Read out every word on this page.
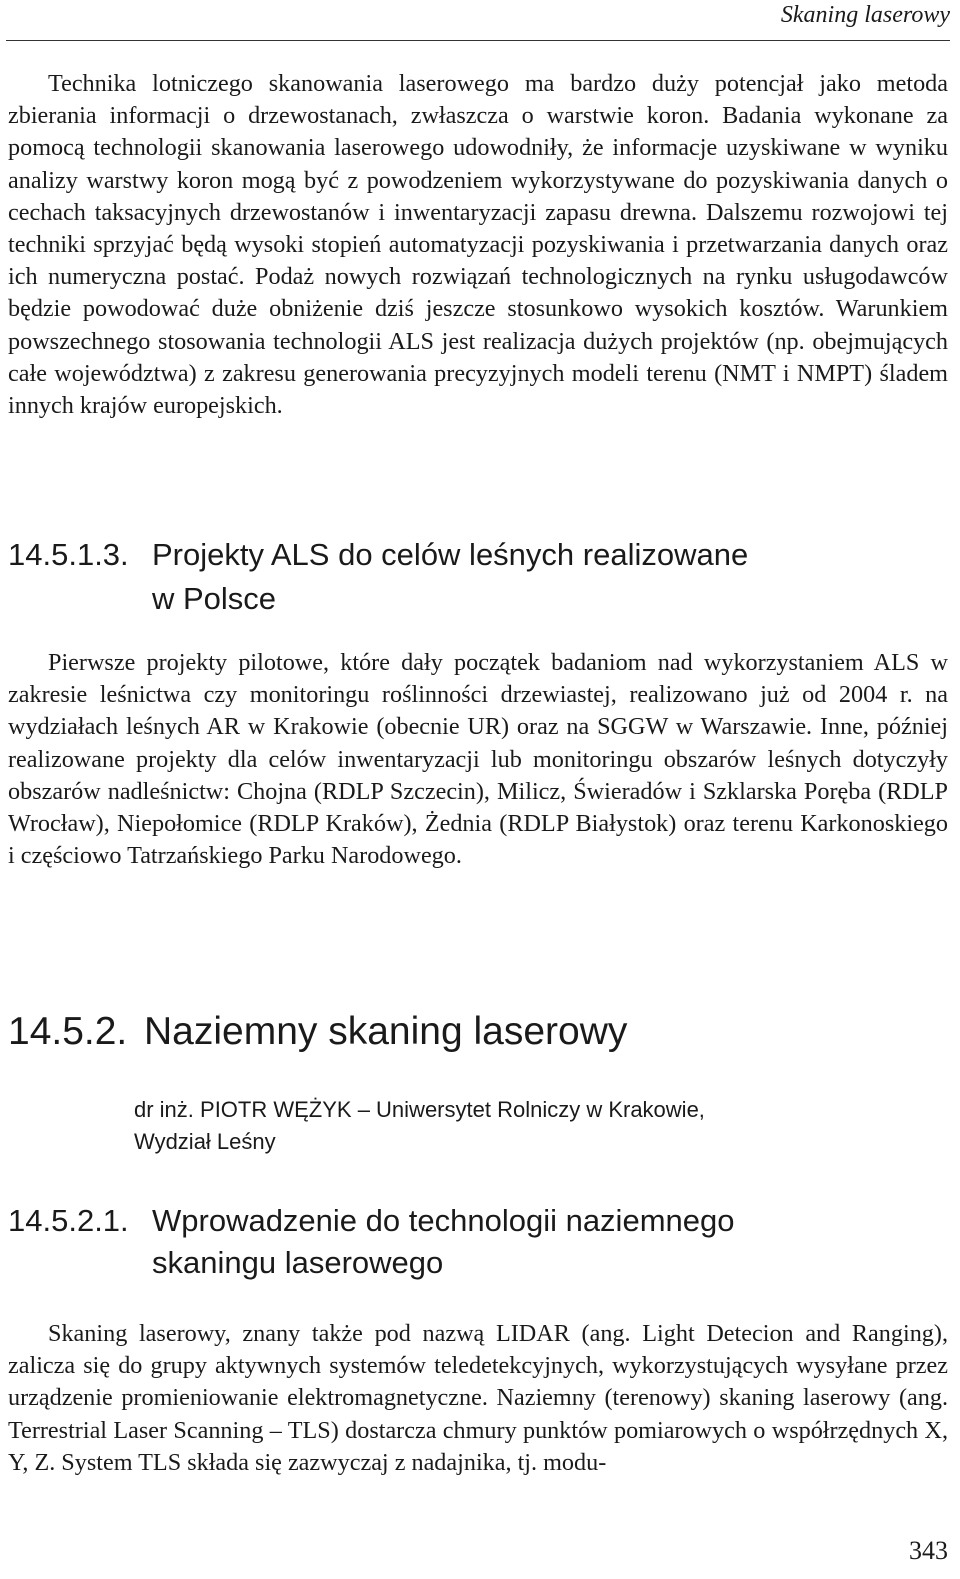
Skaning laserowy

Technika lotniczego skanowania laserowego ma bardzo duży potencjał jako metoda zbierania informacji o drzewostanach, zwłaszcza o warstwie koron. Badania wykonane za pomocą technologii skanowania laserowego udowodniły, że informacje uzyskiwane w wyniku analizy warstwy koron mogą być z powodzeniem wykorzystywane do pozyskiwania danych o cechach taksacyjnych drzewostanów i inwentaryzacji zapasu drewna. Dalszemu rozwojowi tej techniki sprzyjać będą wysoki stopień automatyzacji pozyskiwania i przetwarzania danych oraz ich numeryczna postać. Podaż nowych rozwiązań technologicznych na rynku usługodawców będzie powodować duże obniżenie dziś jeszcze stosunkowo wysokich kosztów. Warunkiem powszechnego stosowania technologii ALS jest realizacja dużych projektów (np. obejmujących całe województwa) z zakresu generowania precyzyjnych modeli terenu (NMT i NMPT) śladem innych krajów europejskich.

14.5.1.3. Projekty ALS do celów leśnych realizowane
w Polsce

Pierwsze projekty pilotowe, które dały początek badaniom nad wykorzystaniem ALS w zakresie leśnictwa czy monitoringu roślinności drzewiastej, realizowano już od 2004 r. na wydziałach leśnych AR w Krakowie (obecnie UR) oraz na SGGW w Warszawie. Inne, później realizowane projekty dla celów inwentaryzacji lub monitoringu obszarów leśnych dotyczyły obszarów nadleśnictw: Chojna (RDLP Szczecin), Milicz, Świeradów i Szklarska Poręba (RDLP Wrocław), Niepołomice (RDLP Kraków), Żednia (RDLP Białystok) oraz terenu Karkonoskiego i częściowo Tatrzańskiego Parku Narodowego.

14.5.2. Naziemny skaning laserowy

dr inż. PIOTR WĘŻYK – Uniwersytet Rolniczy w Krakowie,
Wydział Leśny

14.5.2.1. Wprowadzenie do technologii naziemnego
skaningu laserowego

Skaning laserowy, znany także pod nazwą LIDAR (ang. Light Detecion and Ranging), zalicza się do grupy aktywnych systemów teledetekcyjnych, wykorzystujących wysyłane przez urządzenie promieniowanie elektromagnetyczne. Naziemny (terenowy) skaning laserowy (ang. Terrestrial Laser Scanning – TLS) dostarcza chmury punktów pomiarowych o współrzędnych X, Y, Z. System TLS składa się zazwyczaj z nadajnika, tj. modu-

343
